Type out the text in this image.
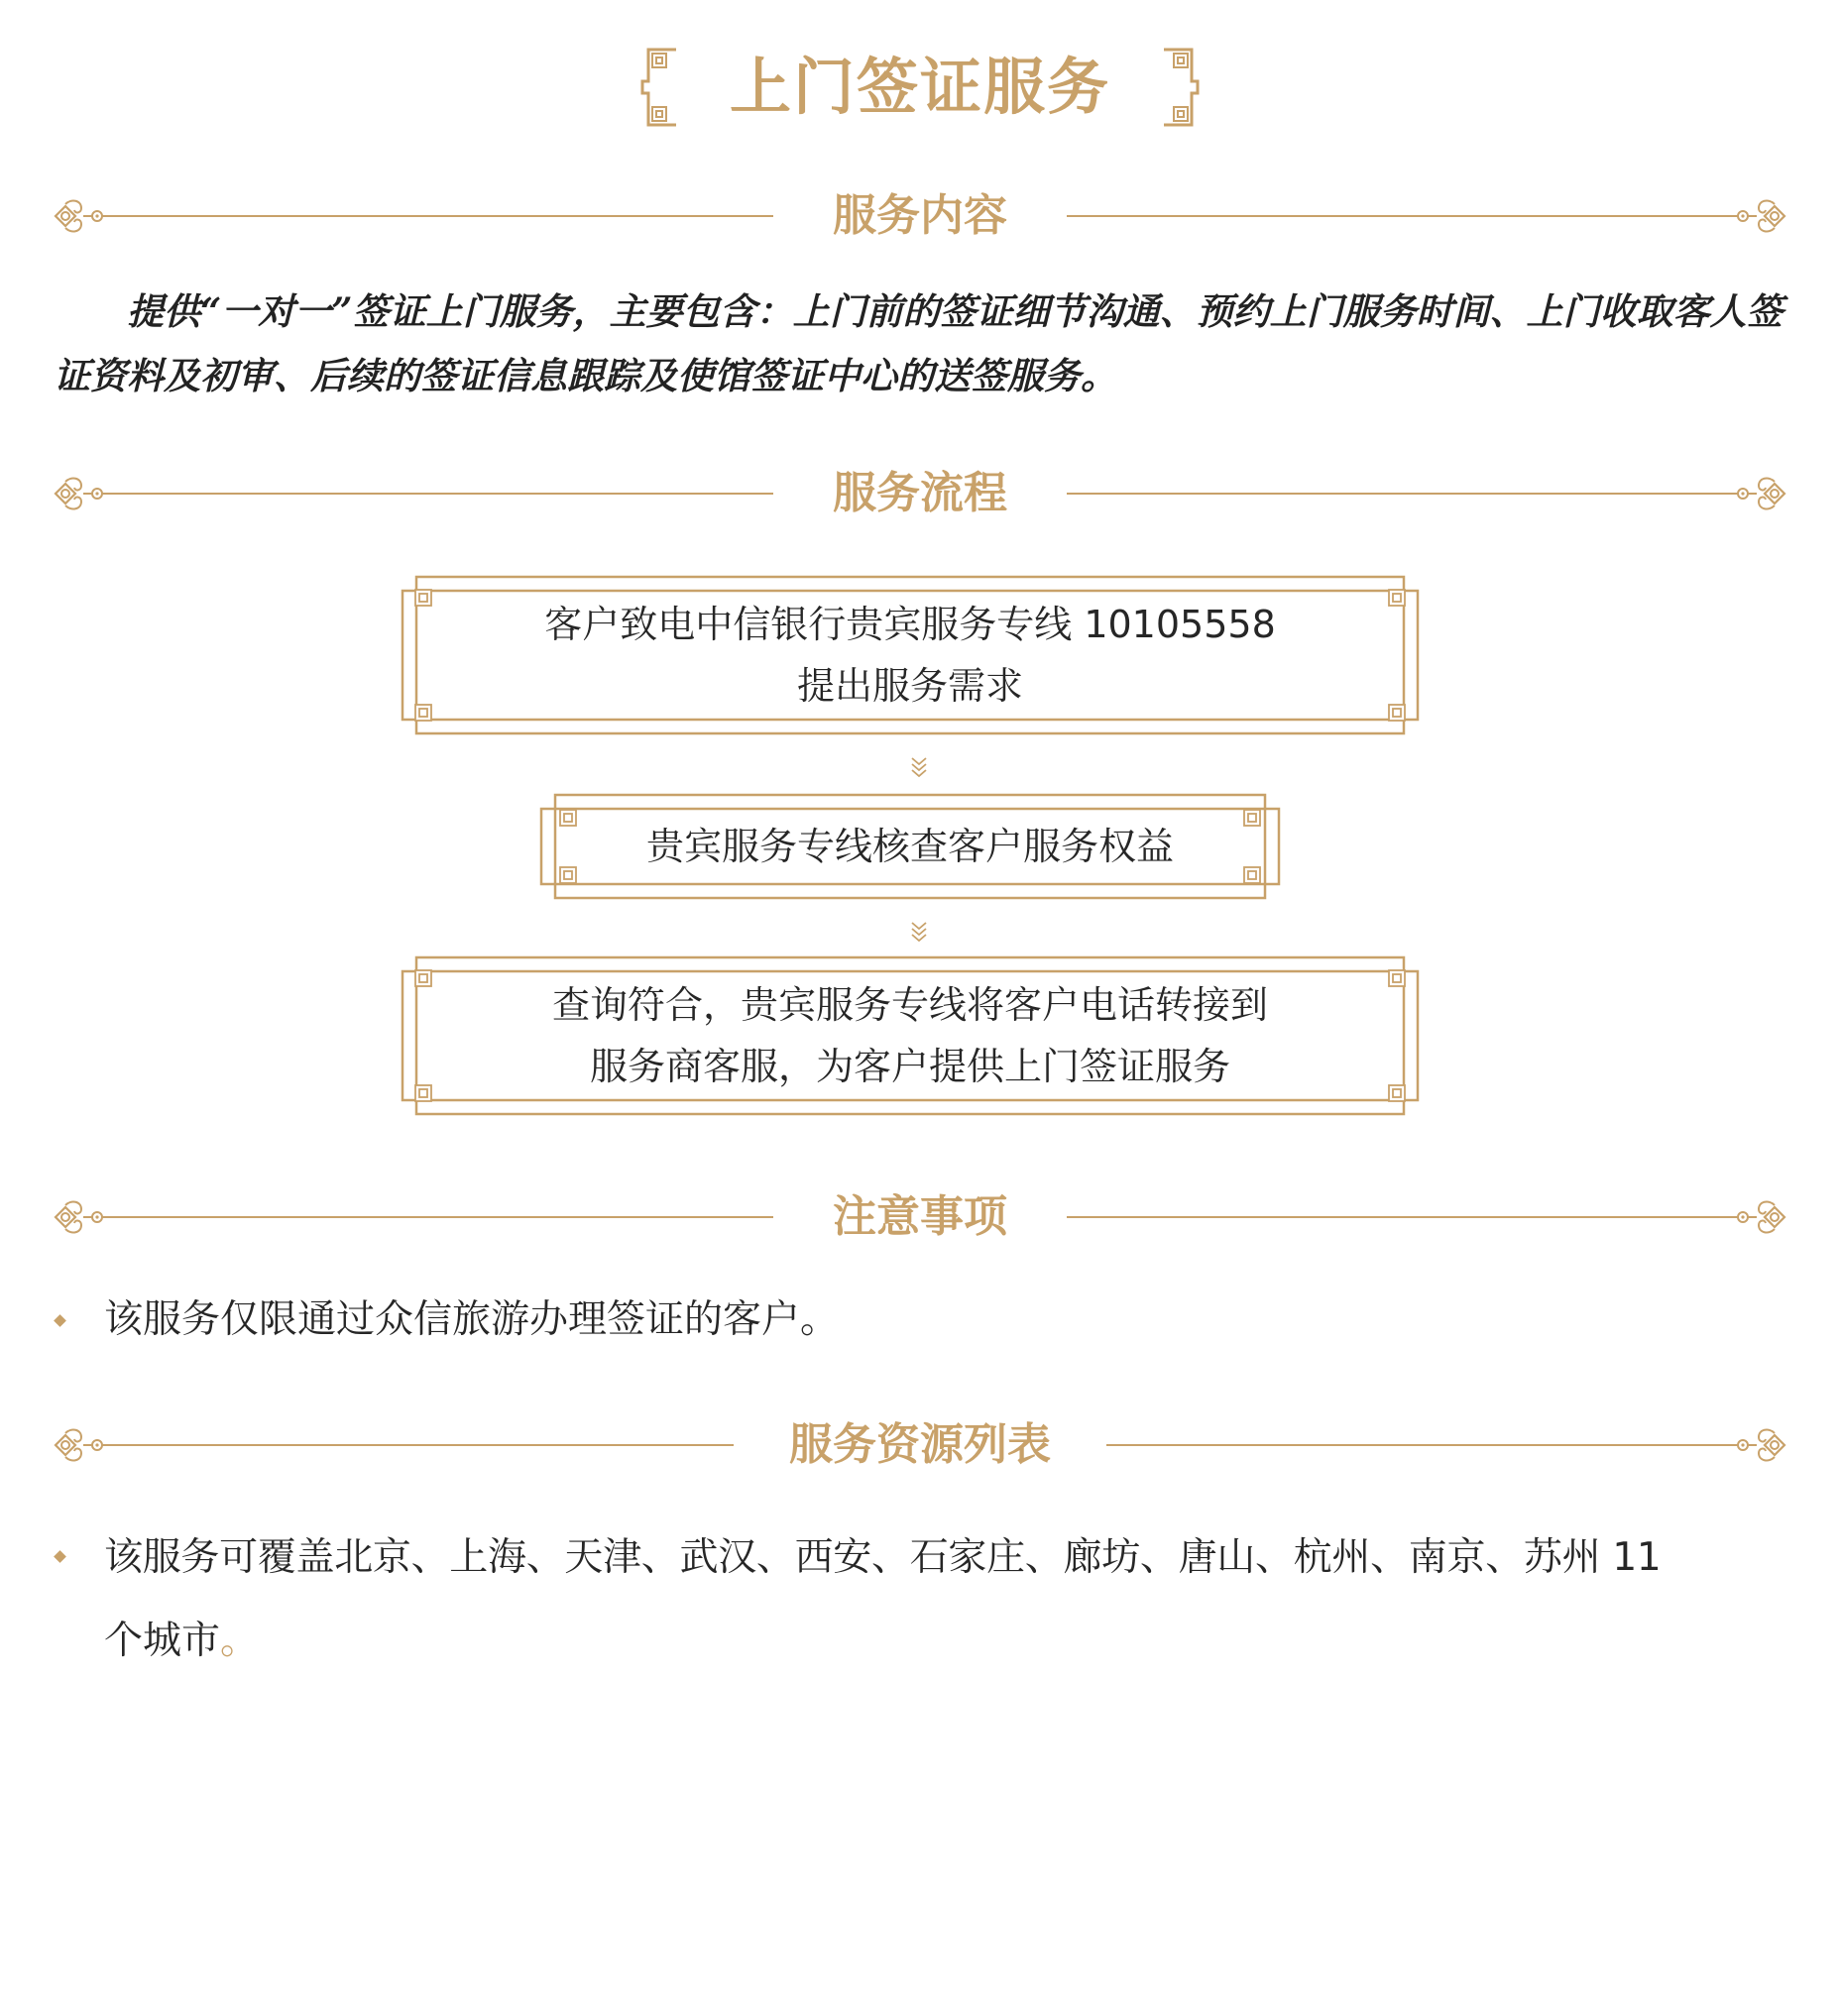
上门签证服务
服务内容

提供“一对一”签证上门服务，主要包含：上门前的签证细节沟通、预约上门服务时间、上门收取客人签证资料及初审、后续的签证信息跟踪及使馆签证中心的送签服务。

服务流程
客户致电中信银行贵宾服务专线 10105558
提出服务需求
贵宾服务专线核查客户服务权益
查询符合，贵宾服务专线将客户电话转接到
服务商客服，为客户提供上门签证服务
注意事项
该服务仅限通过众信旅游办理签证的客户。
服务资源列表
该服务可覆盖北京、上海、天津、武汉、西安、石家庄、廊坊、唐山、杭州、南京、苏州 11
个城市。
